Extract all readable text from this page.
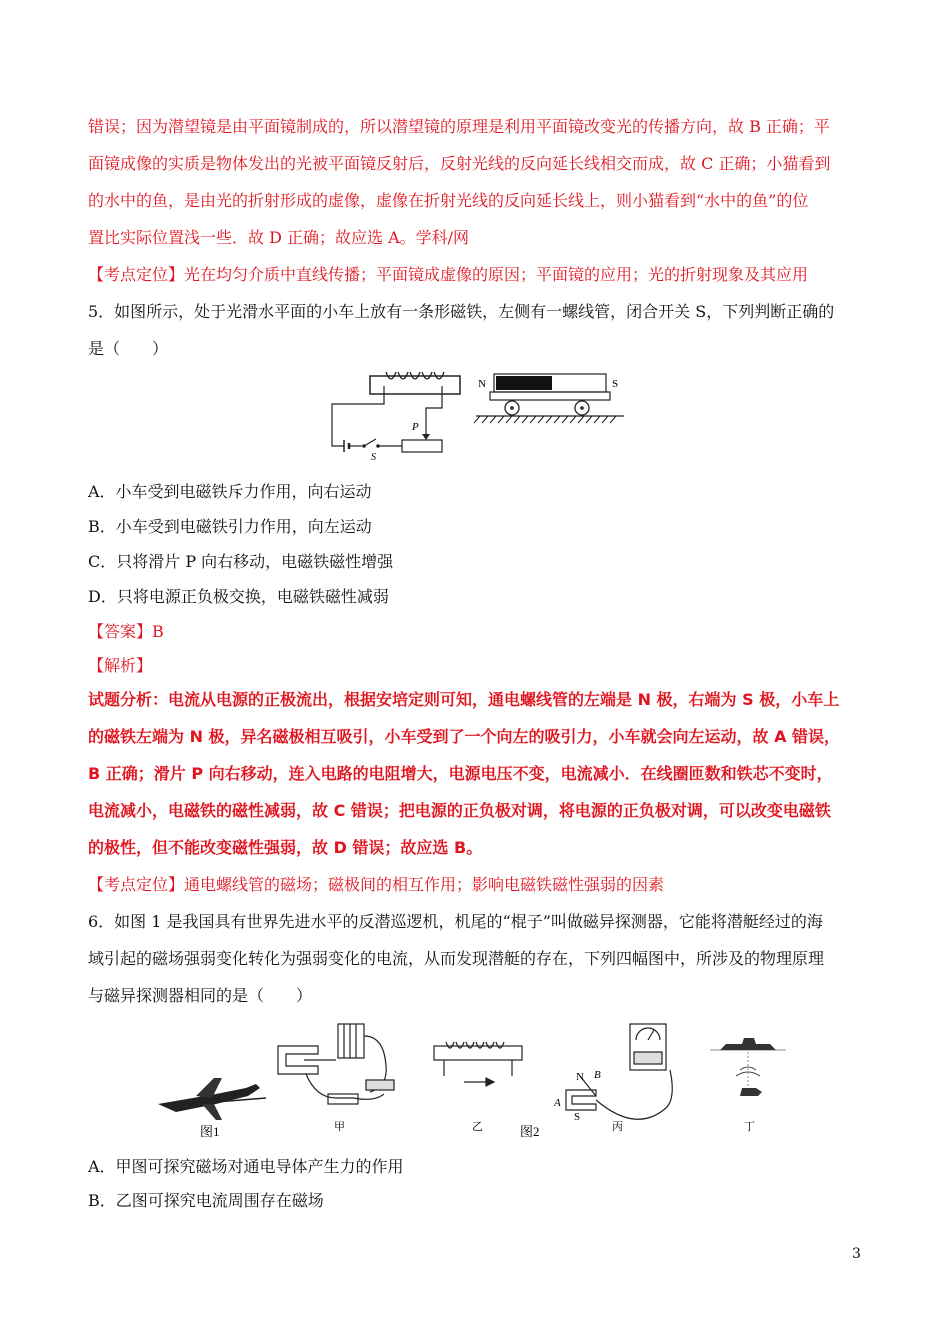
错误；因为潜望镜是由平面镜制成的，所以潜望镜的原理是利用平面镜改变光的传播方向，故 B 正确；平
面镜成像的实质是物体发出的光被平面镜反射后，反射光线的反向延长线相交而成，故 C 正确；小猫看到
的水中的鱼，是由光的折射形成的虚像，虚像在折射光线的反向延长线上，则小猫看到“水中的鱼”的位
置比实际位置浅一些．故 D 正确；故应选 A。学科/网
【考点定位】光在均匀介质中直线传播；平面镜成虚像的原因；平面镜的应用；光的折射现象及其应用
5．如图所示，处于光滑水平面的小车上放有一条形磁铁，左侧有一螺线管，闭合开关 S，下列判断正确的
是（　　）
S
P
N	S
A．小车受到电磁铁斥力作用，向右运动
B．小车受到电磁铁引力作用，向左运动
C．只将滑片 P 向右移动，电磁铁磁性增强
D．只将电源正负极交换，电磁铁磁性减弱
【答案】B
【解析】
试题分析：电流从电源的正极流出，根据安培定则可知，通电螺线管的左端是 N 极，右端为 S 极，小车上
的磁铁左端为 N 极，异名磁极相互吸引，小车受到了一个向左的吸引力，小车就会向左运动，故 A 错误，
B 正确；滑片 P 向右移动，连入电路的电阻增大，电源电压不变，电流减小．在线圈匝数和铁芯不变时，
电流减小，电磁铁的磁性减弱，故 C 错误；把电源的正负极对调，将电源的正负极对调，可以改变电磁铁
的极性，但不能改变磁性强弱，故 D 错误；故应选 B。
【考点定位】通电螺线管的磁场；磁极间的相互作用；影响电磁铁磁性强弱的因素
6．如图 1 是我国具有世界先进水平的反潜巡逻机，机尾的“棍子”叫做磁异探测器，它能将潜艇经过的海
域引起的磁场强弱变化转化为强弱变化的电流，从而发现潜艇的存在，下列四幅图中，所涉及的物理原理
与磁异探测器相同的是（　　）
图1	甲	乙
N B
A
S
图2	丙	丁
A．甲图可探究磁场对通电导体产生力的作用
B．乙图可探究电流周围存在磁场
3
